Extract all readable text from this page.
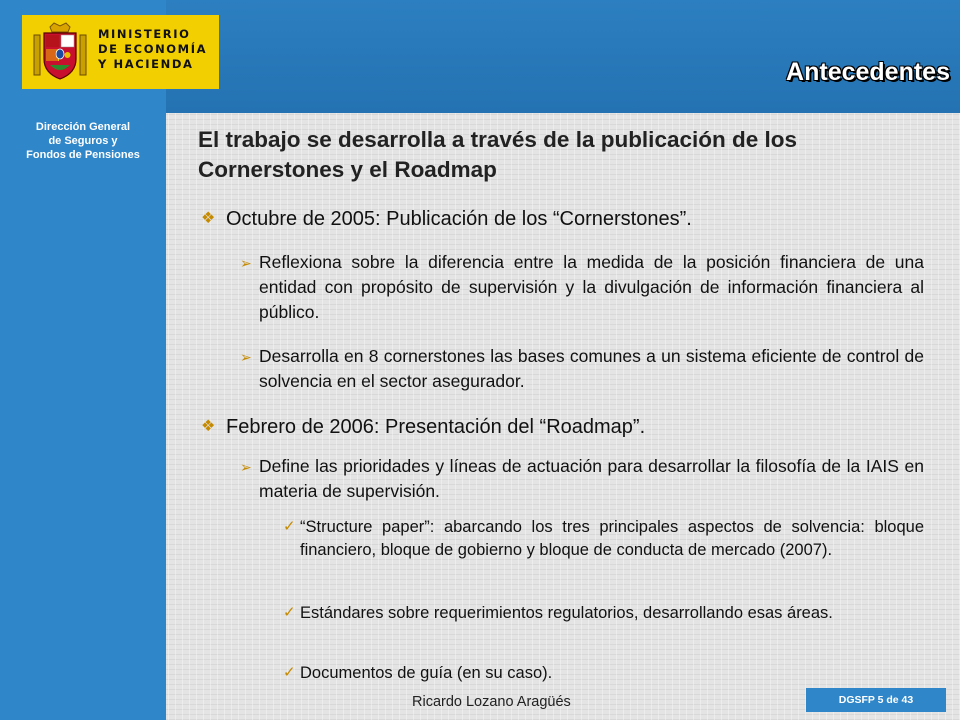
MINISTERIO
DE ECONOMÍA
Y HACIENDA
Dirección General
de Seguros y
Fondos de Pensiones
Antecedentes
El trabajo se desarrolla a través de la publicación de los Cornerstones y el Roadmap
❖ Octubre de 2005: Publicación de los “Cornerstones”.
➢ Reflexiona sobre la diferencia entre la medida de la posición financiera de una entidad con propósito de supervisión y la divulgación de información financiera al público.
➢ Desarrolla en 8 cornerstones las bases comunes a un sistema eficiente de control de solvencia en el sector asegurador.
❖ Febrero de 2006: Presentación del “Roadmap”.
➢ Define las prioridades y líneas de actuación para desarrollar la filosofía de la IAIS en materia de supervisión.
✓ “Structure paper”: abarcando los tres principales aspectos de solvencia: bloque financiero, bloque de gobierno y bloque de conducta de mercado (2007).
✓ Estándares sobre requerimientos regulatorios, desarrollando esas áreas.
✓ Documentos de guía (en su caso).
Ricardo Lozano Aragüés	DGSFP 5 de 43
